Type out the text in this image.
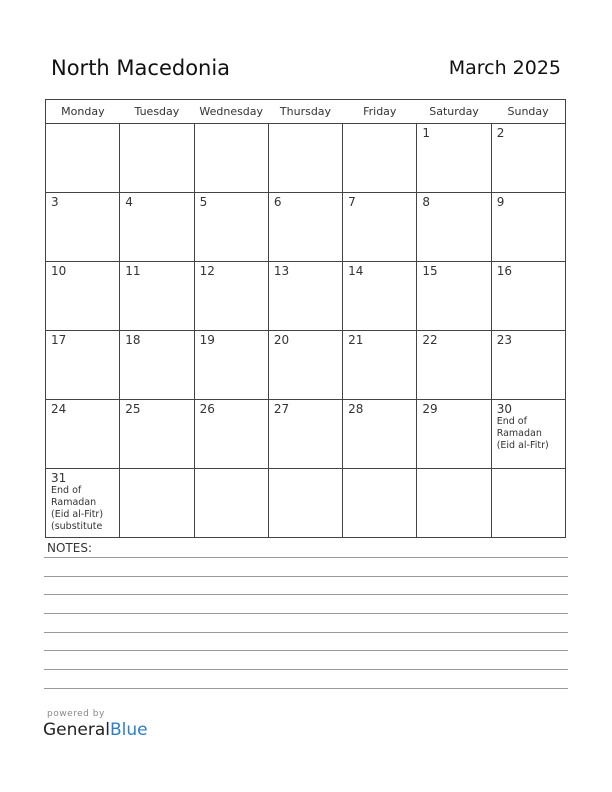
North Macedonia	March 2025
Monday	Tuesday	Wednesday	Thursday	Friday	Saturday	Sunday

					1	2

3	4	5	6	7	8	9

10	11	12	13	14	15	16

17	18	19	20	21	22	23

24	25	26	27	28	29	30
End of Ramadan (Eid al-Fitr)

31
End of Ramadan (Eid al-Fitr) (substitute						

NOTES:
powered by
GeneralBlue
